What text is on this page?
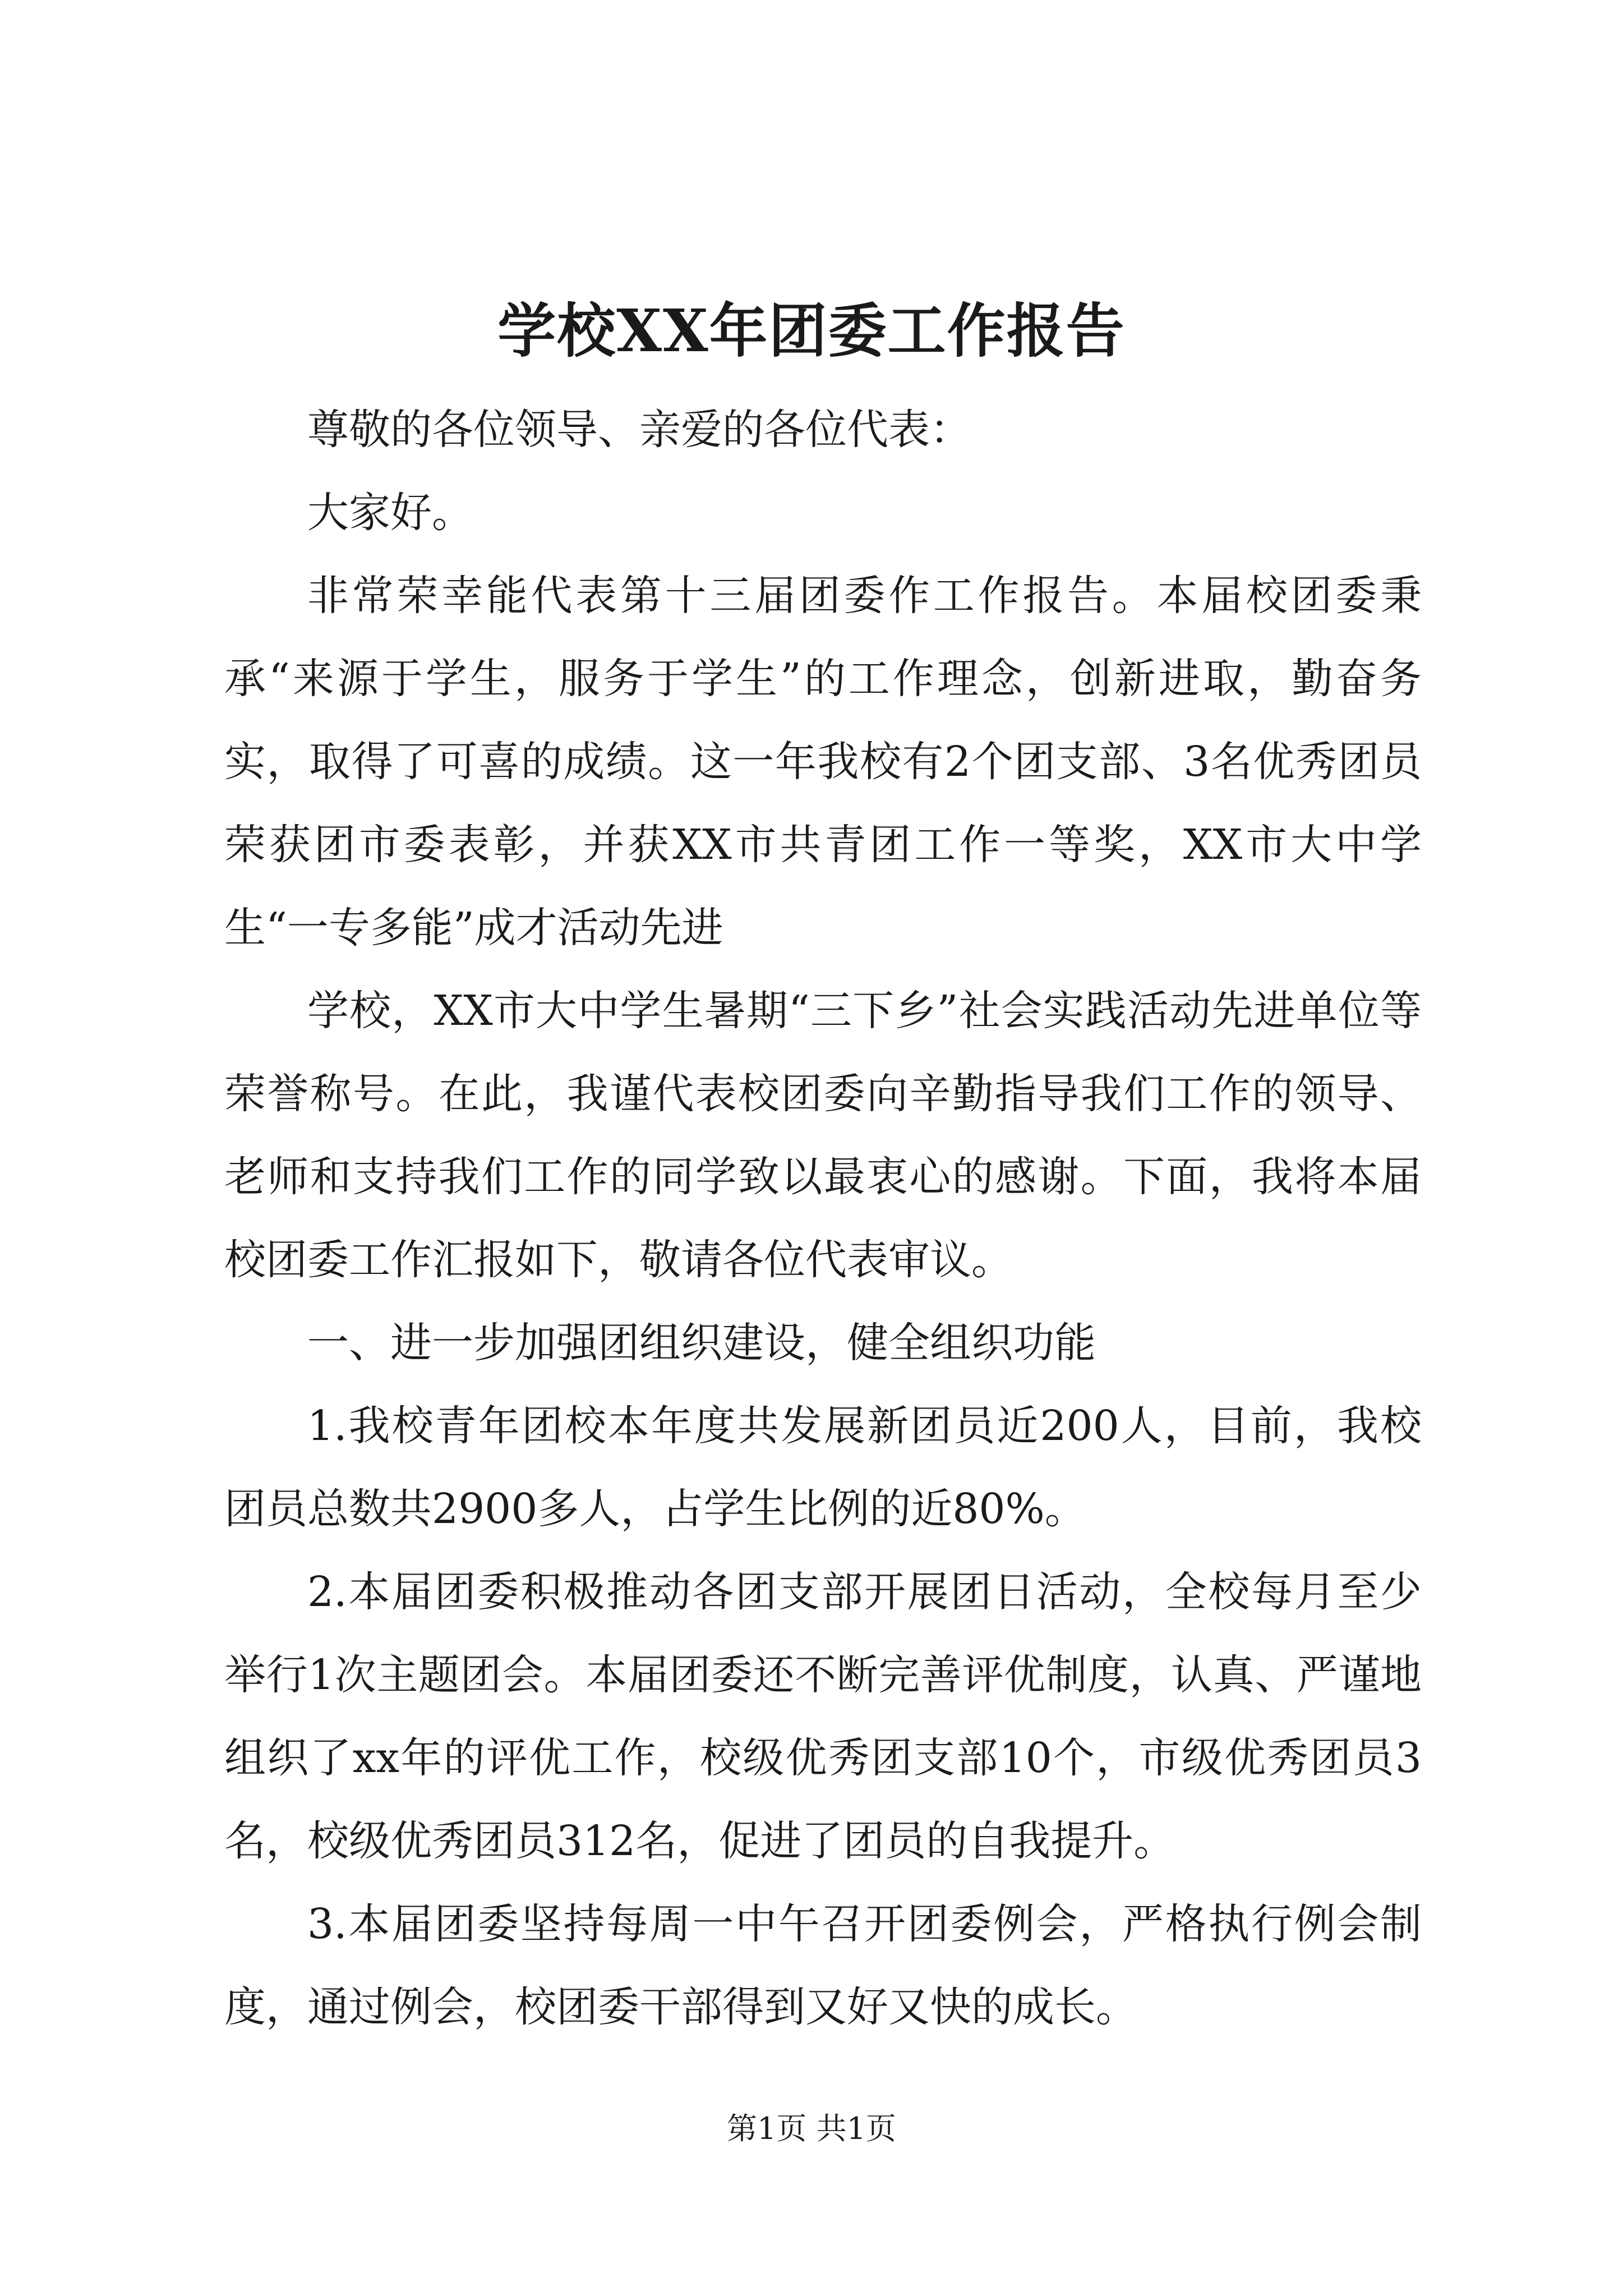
学校XX年团委工作报告

尊敬的各位领导、亲爱的各位代表：

大家好。

非常荣幸能代表第十三届团委作工作报告。本届校团委秉承“来源于学生，服务于学生”的工作理念，创新进取，勤奋务实，取得了可喜的成绩。这一年我校有2个团支部、3名优秀团员荣获团市委表彰，并获XX市共青团工作一等奖，XX市大中学生“一专多能”成才活动先进

学校，XX市大中学生暑期“三下乡”社会实践活动先进单位等荣誉称号。在此，我谨代表校团委向辛勤指导我们工作的领导、老师和支持我们工作的同学致以最衷心的感谢。下面，我将本届校团委工作汇报如下，敬请各位代表审议。

一、进一步加强团组织建设，健全组织功能

1.我校青年团校本年度共发展新团员近200人，目前，我校团员总数共2900多人，占学生比例的近80%。

2.本届团委积极推动各团支部开展团日活动，全校每月至少举行1次主题团会。本届团委还不断完善评优制度，认真、严谨地组织了xx年的评优工作，校级优秀团支部10个，市级优秀团员3名，校级优秀团员312名，促进了团员的自我提升。

3.本届团委坚持每周一中午召开团委例会，严格执行例会制度，通过例会，校团委干部得到又好又快的成长。

第1页 共1页
